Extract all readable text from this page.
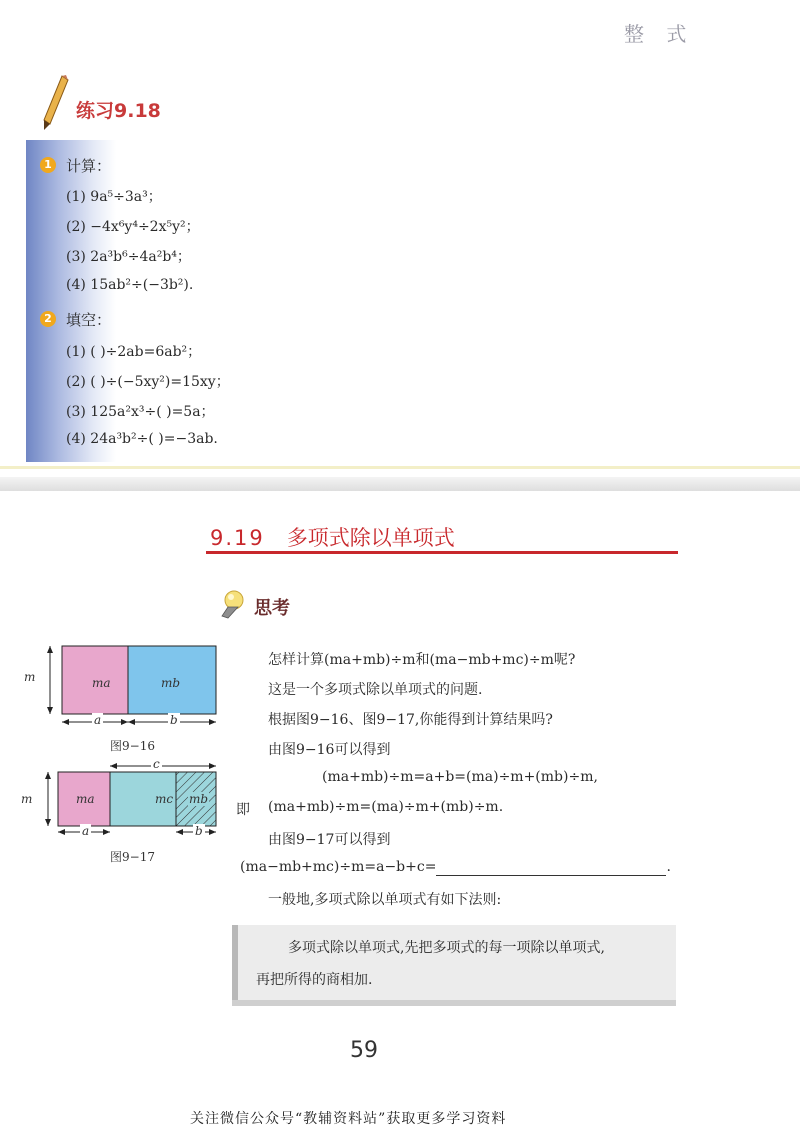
整 式
练习9.18
1 计算：
(1) 9a⁵÷3a³；
(2) −4x⁶y⁴÷2x⁵y²；
(3) 2a³b⁶÷4a²b⁴；
(4) 15ab²÷(−3b²).
2 填空：
(1) ( )÷2ab=6ab²；
(2) ( )÷(−5xy²)=15xy；
(3) 125a²x³÷( )=5a；
(4) 24a³b²÷( )=−3ab.
9.19 多项式除以单项式
思考
m	ma	mb
a	b
图9−16
c
m	ma	mc mb
a	b
图9−17
怎样计算(ma+mb)÷m和(ma−mb+mc)÷m呢?
这是一个多项式除以单项式的问题.
根据图9−16、图9−17,你能得到计算结果吗?
由图9−16可以得到
(ma+mb)÷m=a+b=(ma)÷m+(mb)÷m,
即 (ma+mb)÷m=(ma)÷m+(mb)÷m.
由图9−17可以得到
(ma−mb+mc)÷m=a−b+c=	.
一般地,多项式除以单项式有如下法则:
多项式除以单项式,先把多项式的每一项除以单项式,
再把所得的商相加.
59
关注微信公众号“教辅资料站”获取更多学习资料
